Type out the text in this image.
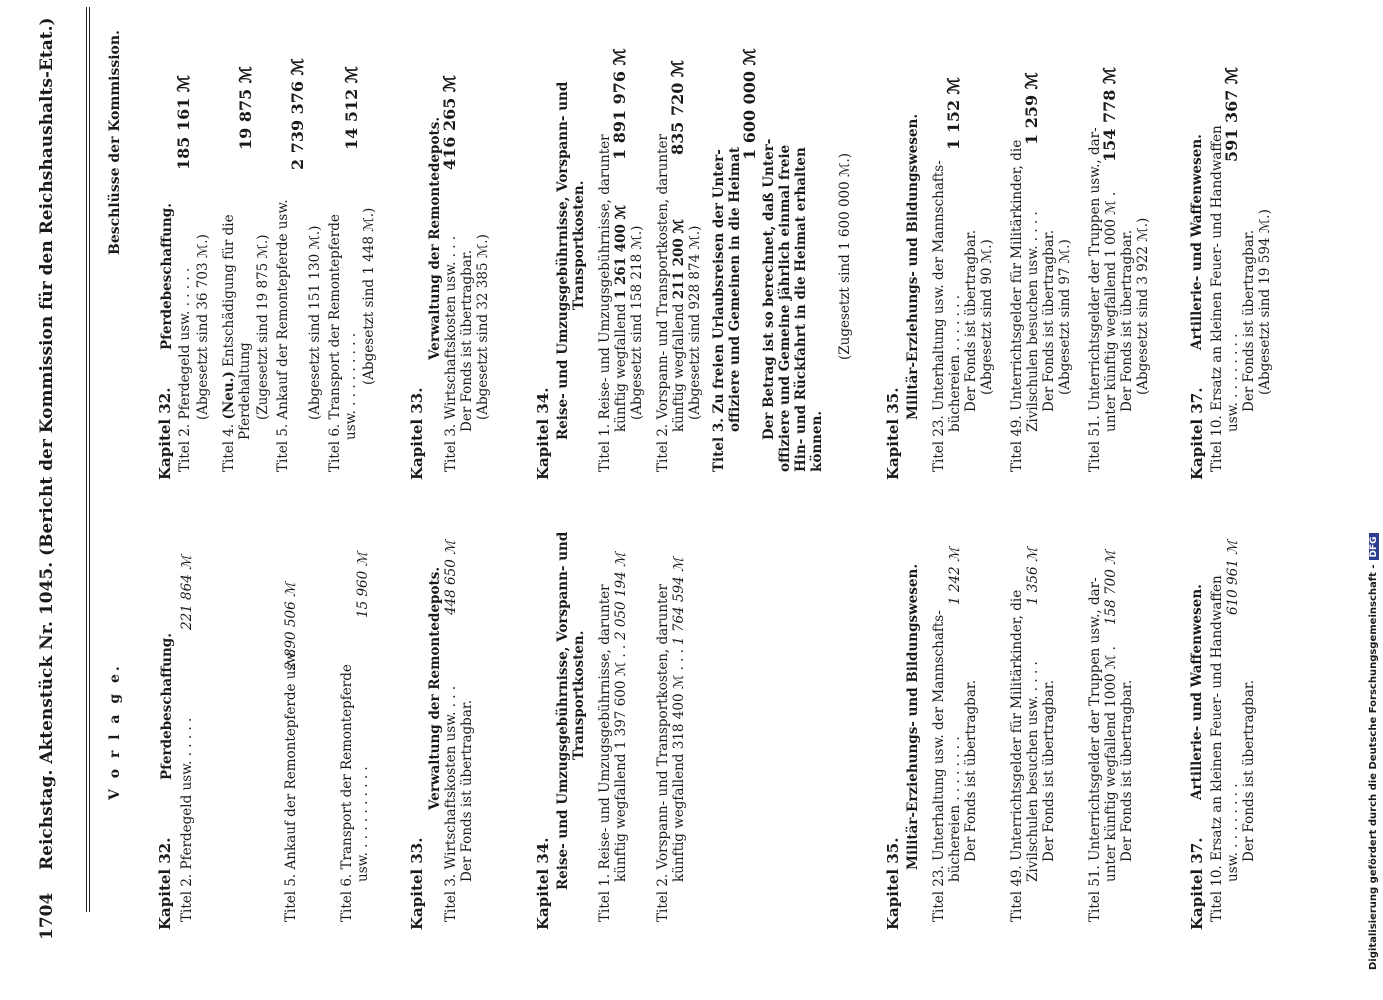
1704
Reichstag. Aktenstück Nr. 1045. (Bericht der Kommission für den Reichshaushalts-Etat.)	V o r l a g e.
Kapitel 32.
Pferdebeschaffung.
Titel 2. Pferdegeld usw. . . . . .
221 864 ℳ
Titel 5. Ankauf der Remontepferde usw.
2 890 506 ℳ
Titel 6. Transport der Remontepferde usw. . . . . . . . . . .
15 960 ℳ
Kapitel 33.
Verwaltung der Remontedepots. Titel 3. Wirtschaftskosten usw. . . .
448 650 ℳ
Der Fonds ist übertragbar.
Kapitel 34. Reise- und Umzugsgebührnisse, Vorspann- und Transportkosten. Titel 1. Reise- und Umzugsgebührnisse, darunter künftig wegfallend 1 397 600 ℳ . .
2 050 194 ℳ Titel 2. Vorspann- und Transportkosten, darunter künftig wegfallend 318 400 ℳ . . .
1 764 594 ℳ
Kapitel 35.
Militär-Erziehungs- und Bildungswesen. Titel 23. Unterhaltung usw. der Mannschafts- büchereien . . . . . . . .
1 242 ℳ
Der Fonds ist übertragbar. Titel 49. Unterrichtsgelder für Militärkinder, die Zivilschulen besuchen usw. . . . .
1 356 ℳ
Der Fonds ist übertragbar. Titel 51. Unterrichtsgelder der Truppen usw., dar- unter künftig wegfallend 1000 ℳ .
158 700 ℳ
Der Fonds ist übertragbar.
Kapitel 37.
Artillerie- und Waffenwesen. Titel 10. Ersatz an kleinen Feuer- und Handwaffen usw. . . . . . . . .
610 961 ℳ
Der Fonds ist übertragbar.
Beschlüsse der Kommission.
Kapitel 32.
Pferdebeschaffung. Titel 2. Pferdegeld usw. . . . . .
185 161 ℳ
(Abgesetzt sind 36 703 ℳ.)
Titel 4. (Neu.) Entschädigung für die
Pferdehaltung
19 875 ℳ
(Zugesetzt sind 19 875 ℳ.) Titel 5. Ankauf der Remontepferde usw.
2 739 376 ℳ
(Abgesetzt sind 151 130 ℳ.) Titel 6. Transport der Remontepferde usw. . . . . . . . . .
14 512 ℳ
(Abgesetzt sind 1 448 ℳ.)
Kapitel 33.
Verwaltung der Remontedepots. Titel 3. Wirtschaftskosten usw. . . .
416 265 ℳ
Der Fonds ist übertragbar. (Abgesetzt sind 32 385 ℳ.)
Kapitel 34. Reise- und Umzugsgebührnisse, Vorspann- und Transportkosten. Titel 1. Reise- und Umzugsgebührnisse, darunter künftig wegfallend 1 261 400 ℳ
1 891 976 ℳ
(Abgesetzt sind 158 218 ℳ.) Titel 2. Vorspann- und Transportkosten, darunter künftig wegfallend 211 200 ℳ
835 720 ℳ
(Abgesetzt sind 928 874 ℳ.) Titel 3. Zu freien Urlaubsreisen der Unter- offiziere und Gemeinen in die Heimat
1 600 000 ℳ
Der Betrag ist so berechnet, daß Unter- offiziere und Gemeine jährlich einmal freie Hin- und Rückfahrt in die Heimat erhalten können.
(Zugesetzt sind 1 600 000 ℳ.)
Kapitel 35.
Militär-Erziehungs- und Bildungswesen. Titel 23. Unterhaltung usw. der Mannschafts- büchereien . . . . . . .
1 152 ℳ
Der Fonds ist übertragbar. (Abgesetzt sind 90 ℳ.) Titel 49. Unterrichtsgelder für Militärkinder, die Zivilschulen besuchen usw. . . . .
1 259 ℳ
Der Fonds ist übertragbar. (Abgesetzt sind 97 ℳ.) Titel 51. Unterrichtsgelder der Truppen usw., dar- unter künftig wegfallend 1 000 ℳ .
154 778 ℳ
Der Fonds ist übertragbar. (Abgesetzt sind 3 922 ℳ.)
Kapitel 37.
Artillerie- und Waffenwesen. Titel 10. Ersatz an kleinen Feuer- und Handwaffen usw. . . . . . . . .
591 367 ℳ
Der Fonds ist übertragbar. (Abgesetzt sind 19 594 ℳ.)
Digitalisierung gefördert durch die Deutsche Forschungsgemeinschaft -DFG
